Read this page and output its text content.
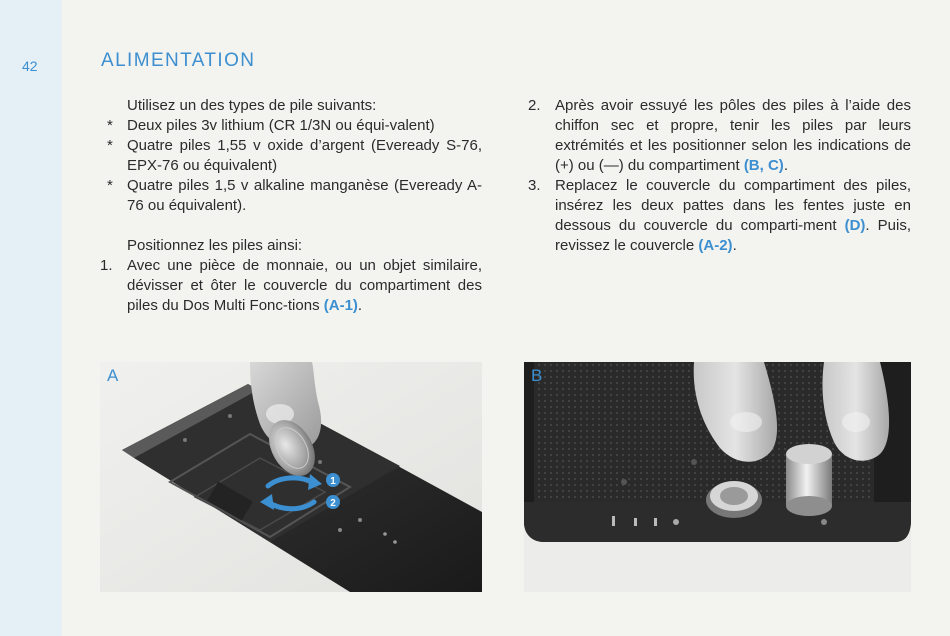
42	ALIMENTATION

Utilisez un des types de pile suivants:

* Deux piles 3v lithium (CR 1/3N ou équi-valent)
* Quatre piles 1,55 v oxide d’argent (Eveready S-76, EPX-76 ou équivalent)
* Quatre piles 1,5 v alkaline manganèse (Eveready A-76 ou équivalent).

Positionnez les piles ainsi:

1. Avec une pièce de monnaie, ou un objet similaire, dévisser et ôter le couvercle du compartiment des piles du Dos Multi Fonc-tions (A-1).
2. Après avoir essuyé les pôles des piles à l’aide des chiffon sec et propre, tenir les piles par leurs extrémités et les positionner selon les indications de (+) ou (—) du compartiment (B, C).
3. Replacez le couvercle du compartiment des piles, insérez les deux pattes dans les fentes juste en dessous du couvercle du comparti-ment (D). Puis, revissez le couvercle (A-2).
A
1
2
B
